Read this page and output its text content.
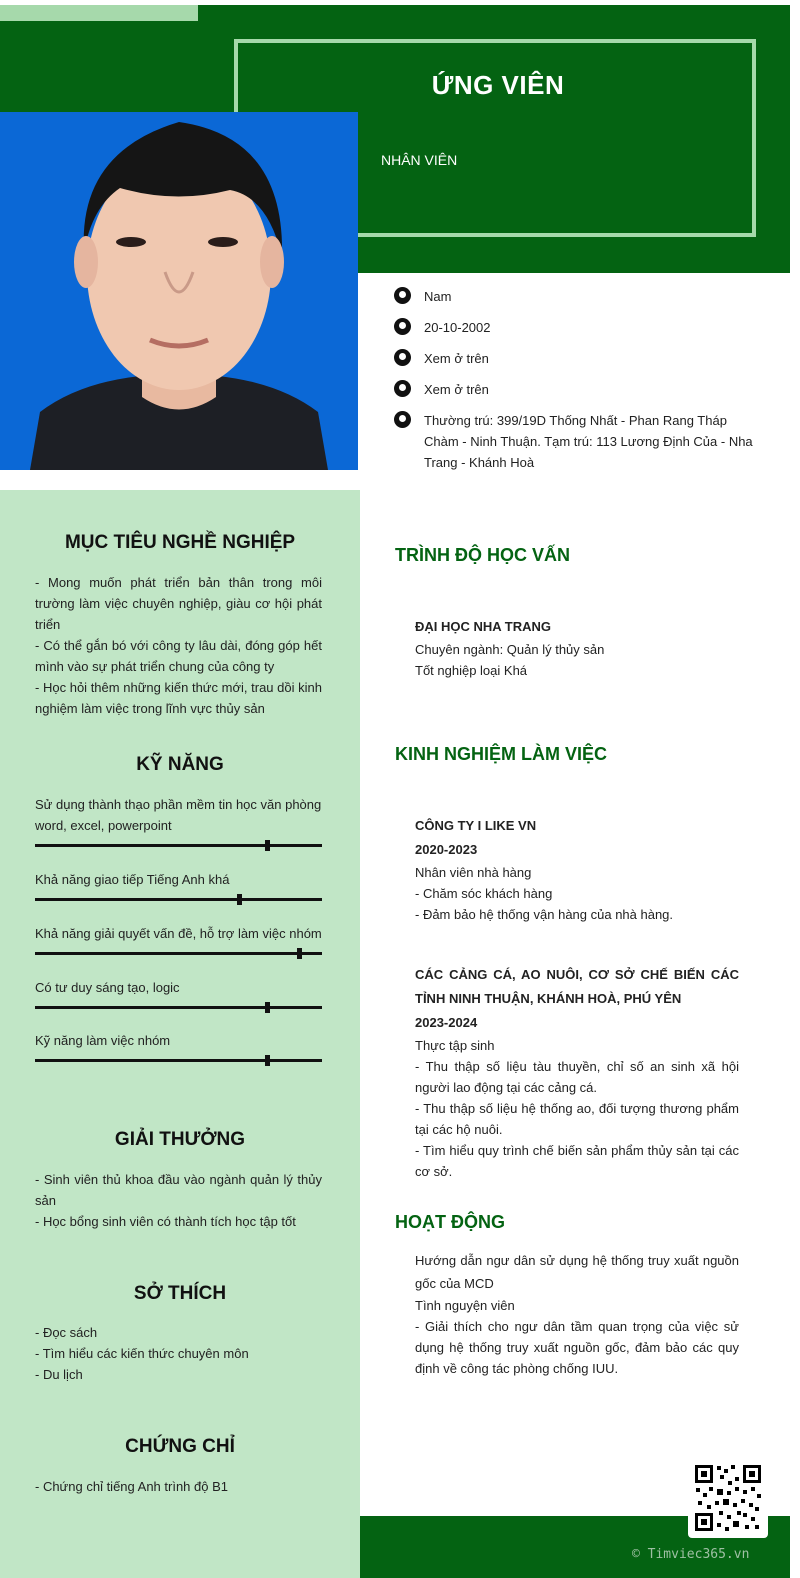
ỨNG VIÊN
NHÂN VIÊN
Nam
20-10-2002
Xem ở trên
Xem ở trên
Thường trú: 399/19D Thống Nhất - Phan Rang Tháp Chàm - Ninh Thuận. Tạm trú: 113 Lương Định Của - Nha Trang - Khánh Hoà
MỤC TIÊU NGHỀ NGHIỆP

- Mong muốn phát triển bản thân trong môi trường làm việc chuyên nghiệp, giàu cơ hội phát triển

- Có thể gắn bó với công ty lâu dài, đóng góp hết mình vào sự phát triển chung của công ty

- Học hỏi thêm những kiến thức mới, trau dồi kinh nghiệm làm việc trong lĩnh vực thủy sản

KỸ NĂNG
Sử dụng thành thạo phần mềm tin học văn phòng word, excel, powerpoint
Khả năng giao tiếp Tiếng Anh khá
Khả năng giải quyết vấn đề, hỗ trợ làm việc nhóm
Có tư duy sáng tạo, logic
Kỹ năng làm việc nhóm
GIẢI THƯỞNG

- Sinh viên thủ khoa đầu vào ngành quản lý thủy sản

- Học bổng sinh viên có thành tích học tập tốt

SỞ THÍCH

- Đọc sách

- Tìm hiểu các kiến thức chuyên môn

- Du lịch

CHỨNG CHỈ

- Chứng chỉ tiếng Anh trình độ B1

TRÌNH ĐỘ HỌC VẤN

ĐẠI HỌC NHA TRANG

Chuyên ngành: Quản lý thủy sản

Tốt nghiệp loại Khá

KINH NGHIỆM LÀM VIỆC

CÔNG TY I LIKE VN

2020-2023

Nhân viên nhà hàng

- Chăm sóc khách hàng

- Đảm bảo hệ thống vận hàng của nhà hàng.

CÁC CẢNG CÁ, AO NUÔI, CƠ SỞ CHẾ BIẾN CÁC TỈNH NINH THUẬN, KHÁNH HOÀ, PHÚ YÊN

2023-2024

Thực tập sinh

- Thu thập số liệu tàu thuyền, chỉ số an sinh xã hội người lao động tại các cảng cá.

- Thu thập số liệu hệ thống ao, đối tượng thương phẩm tại các hộ nuôi.

- Tìm hiểu quy trình chế biến sản phẩm thủy sản tại các cơ sở.

HOẠT ĐỘNG

Hướng dẫn ngư dân sử dụng hệ thống truy xuất nguồn gốc của MCD

Tình nguyện viên

- Giải thích cho ngư dân tầm quan trọng của việc sử dụng hệ thống truy xuất nguồn gốc, đảm bảo các quy định về công tác phòng chống IUU.

© Timviec365.vn
